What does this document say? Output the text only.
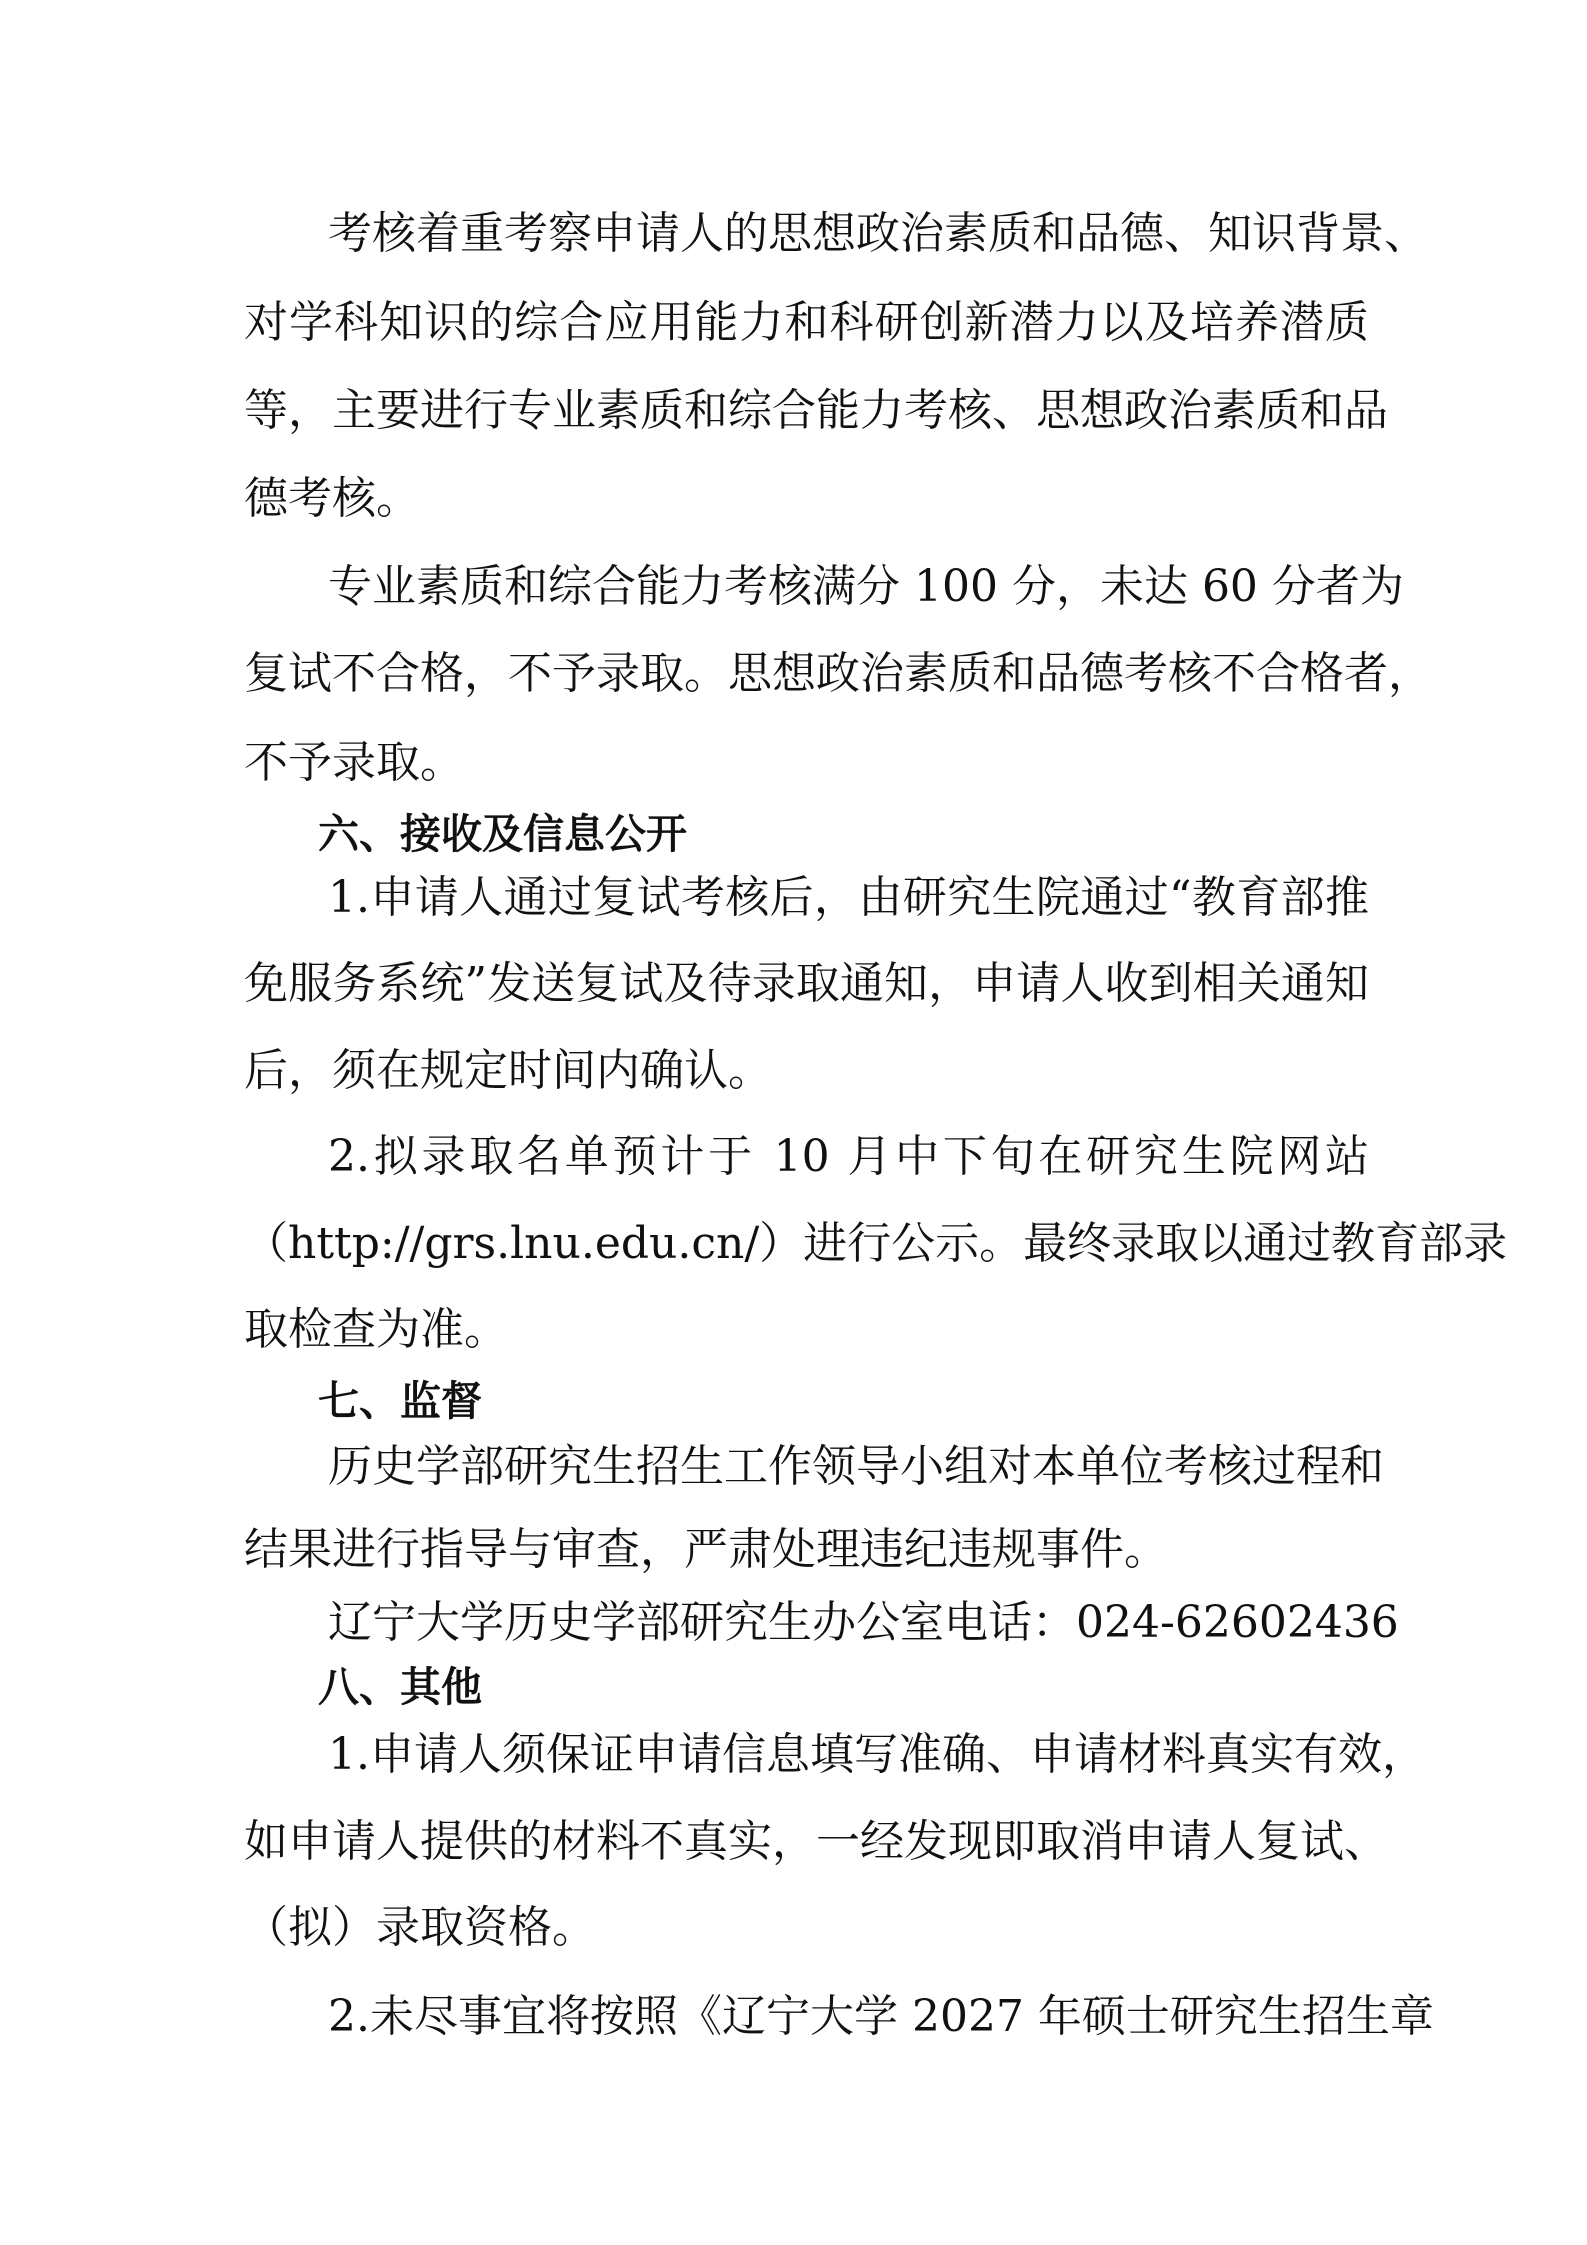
考核着重考察申请人的思想政治素质和品德、知识背景、
对学科知识的综合应用能力和科研创新潜力以及培养潜质
等，主要进行专业素质和综合能力考核、思想政治素质和品
德考核。
专业素质和综合能力考核满分 100 分，未达 60 分者为
复试不合格，不予录取。思想政治素质和品德考核不合格者，
不予录取。
六、接收及信息公开
1.申请人通过复试考核后，由研究生院通过“教育部推
免服务系统”发送复试及待录取通知，申请人收到相关通知
后，须在规定时间内确认。
2.拟录取名单预计于 10 月中下旬在研究生院网站
（http://grs.lnu.edu.cn/）进行公示。最终录取以通过教育部录
取检查为准。
七、监督
历史学部研究生招生工作领导小组对本单位考核过程和
结果进行指导与审查，严肃处理违纪违规事件。
辽宁大学历史学部研究生办公室电话：024-62602436
八、其他
1.申请人须保证申请信息填写准确、申请材料真实有效，
如申请人提供的材料不真实，一经发现即取消申请人复试、
（拟）录取资格。
2.未尽事宜将按照《辽宁大学 2027 年硕士研究生招生章
